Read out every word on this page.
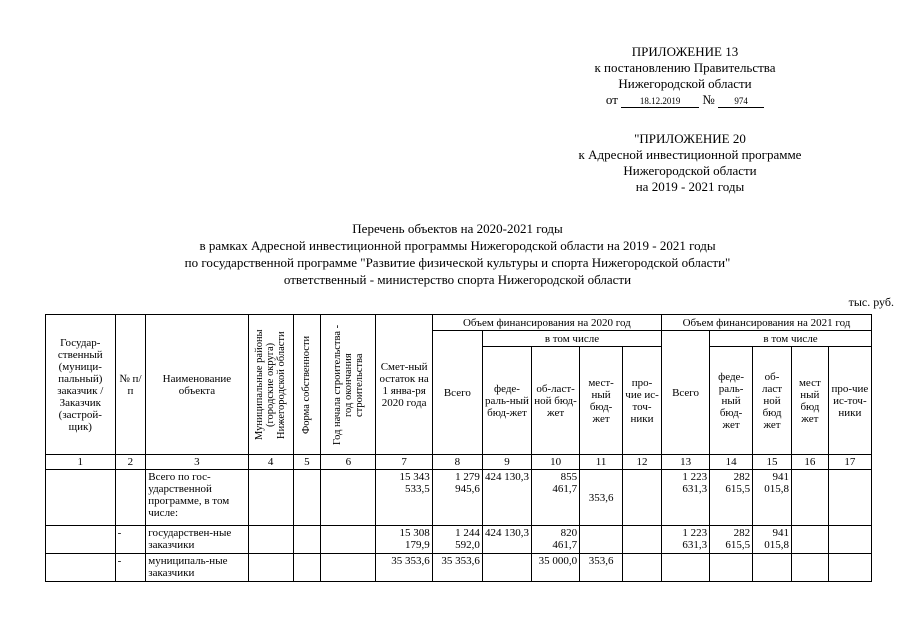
ПРИЛОЖЕНИЕ 13
к постановлению Правительства
Нижегородской области
от 18.12.2019 № 974
"ПРИЛОЖЕНИЕ 20
к Адресной инвестиционной программе
Нижегородской области
на 2019 - 2021 годы
Перечень объектов на 2020-2021 годы
в рамках Адресной инвестиционной программы Нижегородской области на 2019 - 2021 годы
по государственной программе "Развитие физической культуры и спорта Нижегородской области"
ответственный - министерство спорта Нижегородской области
тыс. руб.
Государ-ственный (муници-пальный) заказчик /Заказчик (застрой-щик)	№ п/п	Наименование объекта	Муниципальные районы (городские округа) Нижегородской области	Форма собственности	Год начала строительства - год окончания строительства	Смет-ный остаток на 1 янва-ря 2020 года	Объем финансирования на 2020 год					Объем финансирования на 2021 год				
							Всего	в том числе				Всего	в том числе			
								феде-раль-ный бюд-жет	об-ласт-ной бюд-жет	мест-ный бюд-жет	про-чие ис-точ-ники		феде-раль-ный бюд-жет	об-ласт ной бюд жет	мест ный бюд жет	про-чие ис-точ-ники
1	2	3	4	5	6	7	8	9	10	11	12	13	14	15	16	17
		Всего по гос-ударственной программе, в том числе:				15 343 533,5	1 279 945,6	424 130,3	855 461,7	353,6		1 223 631,3	282 615,5	941 015,8		
	-	государствен-ные заказчики				15 308 179,9	1 244 592,0	424 130,3	820 461,7			1 223 631,3	282 615,5	941 015,8		
	-	муниципаль-ные заказчики				35 353,6	35 353,6		35 000,0	353,6						
